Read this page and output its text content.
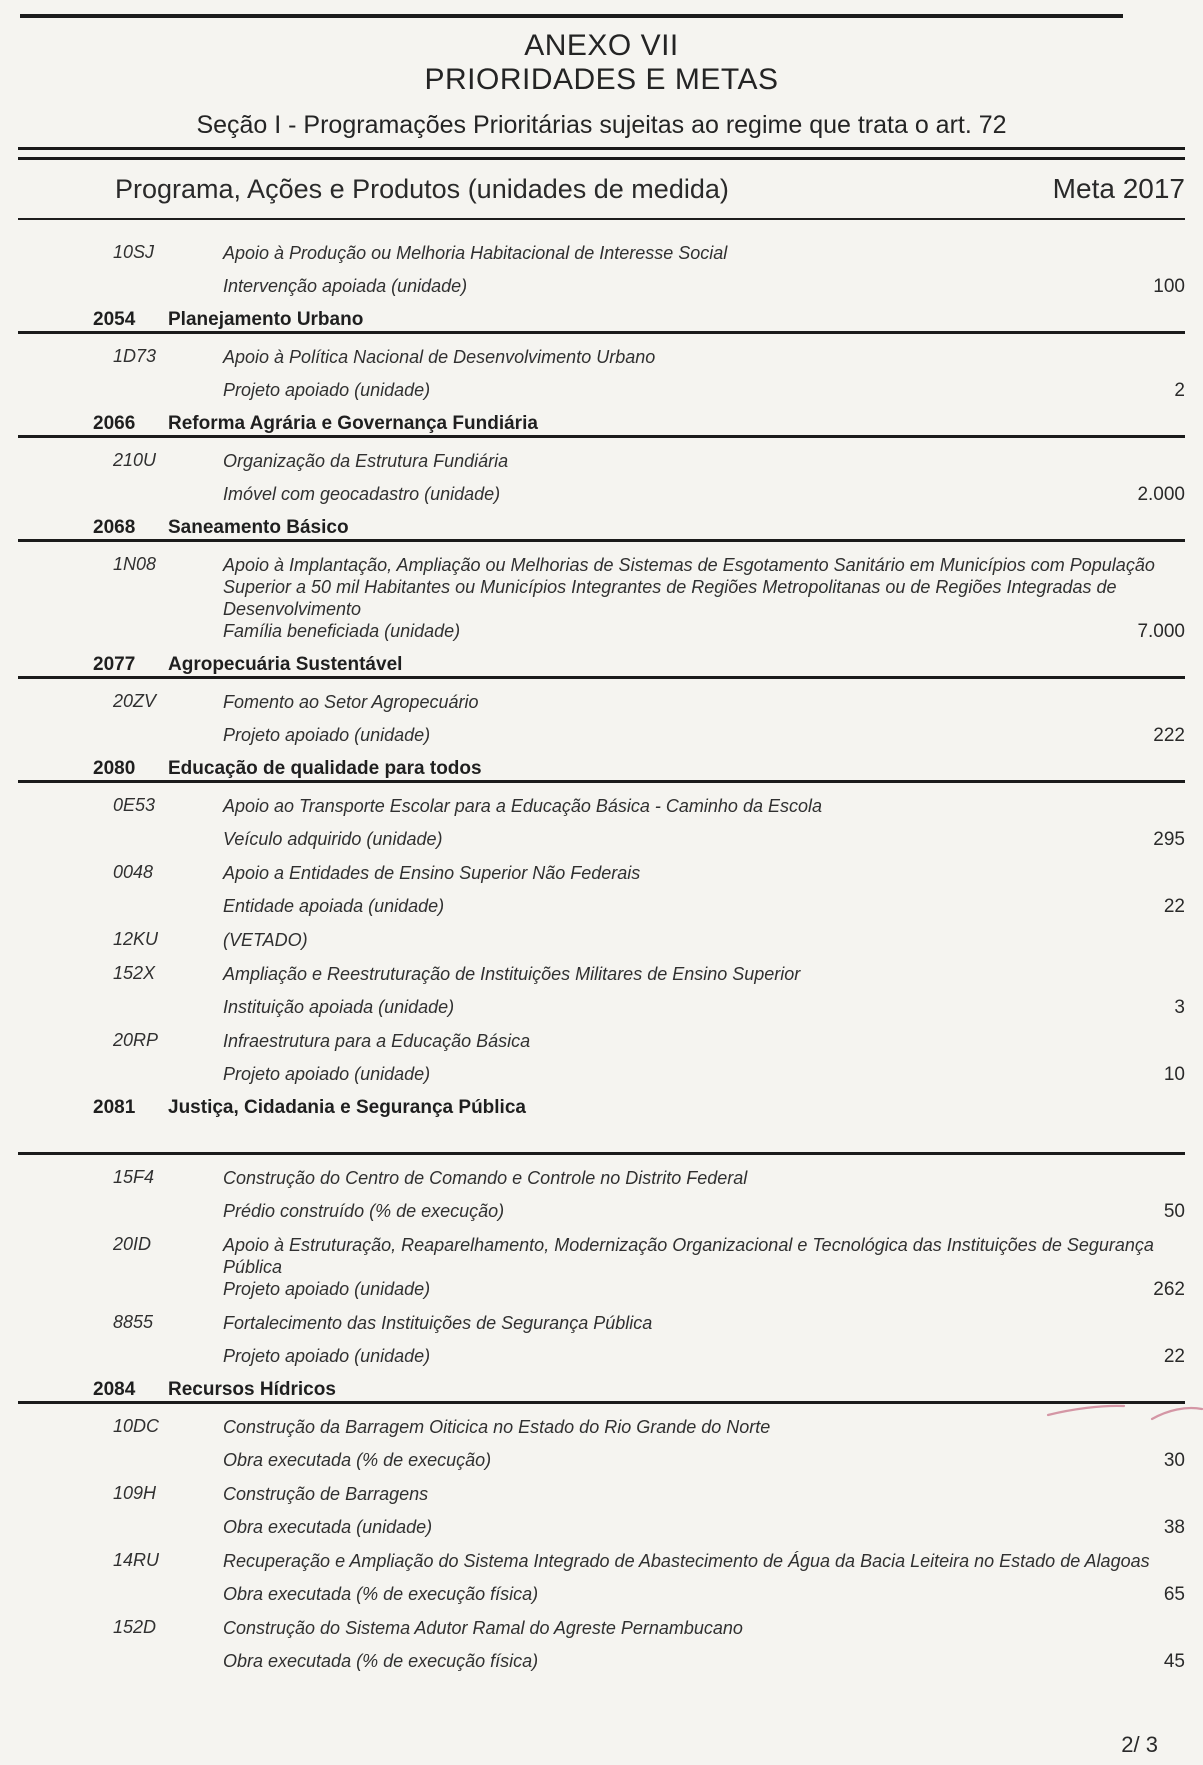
ANEXO VII
PRIORIDADES E METAS
Seção I - Programações Prioritárias sujeitas ao regime que trata o art. 72
Programa, Ações e Produtos (unidades de medida)	Meta 2017
10SJ	Apoio à Produção ou Melhoria Habitacional de Interesse Social
Intervenção apoiada (unidade)	100
2054 Planejamento Urbano
1D73	Apoio à Política Nacional de Desenvolvimento Urbano
Projeto apoiado (unidade)	2
2066 Reforma Agrária e Governança Fundiária
210U	Organização da Estrutura Fundiária
Imóvel com geocadastro (unidade)	2.000
2068 Saneamento Básico
1N08	Apoio à Implantação, Ampliação ou Melhorias de Sistemas de Esgotamento Sanitário em Municípios com População Superior a 50 mil Habitantes ou Municípios Integrantes de Regiões Metropolitanas ou de Regiões Integradas de Desenvolvimento
Família beneficiada (unidade)	7.000
2077 Agropecuária Sustentável
20ZV	Fomento ao Setor Agropecuário
Projeto apoiado (unidade)	222
2080 Educação de qualidade para todos
0E53	Apoio ao Transporte Escolar para a Educação Básica - Caminho da Escola
Veículo adquirido (unidade)	295
0048	Apoio a Entidades de Ensino Superior Não Federais
Entidade apoiada (unidade)	22
12KU	(VETADO)
152X	Ampliação e Reestruturação de Instituições Militares de Ensino Superior
Instituição apoiada (unidade)	3
20RP	Infraestrutura para a Educação Básica
Projeto apoiado (unidade)	10
2081 Justiça, Cidadania e Segurança Pública
15F4	Construção do Centro de Comando e Controle no Distrito Federal
Prédio construído (% de execução)	50
20ID	Apoio à Estruturação, Reaparelhamento, Modernização Organizacional e Tecnológica das Instituições de Segurança Pública
Projeto apoiado (unidade)	262
8855	Fortalecimento das Instituições de Segurança Pública
Projeto apoiado (unidade)	22
2084 Recursos Hídricos
10DC	Construção da Barragem Oiticica no Estado do Rio Grande do Norte
Obra executada (% de execução)	30
109H	Construção de Barragens
Obra executada (unidade)	38
14RU	Recuperação e Ampliação do Sistema Integrado de Abastecimento de Água da Bacia Leiteira no Estado de Alagoas
Obra executada (% de execução física)	65
152D	Construção do Sistema Adutor Ramal do Agreste Pernambucano
Obra executada (% de execução física)	45
2/ 3
